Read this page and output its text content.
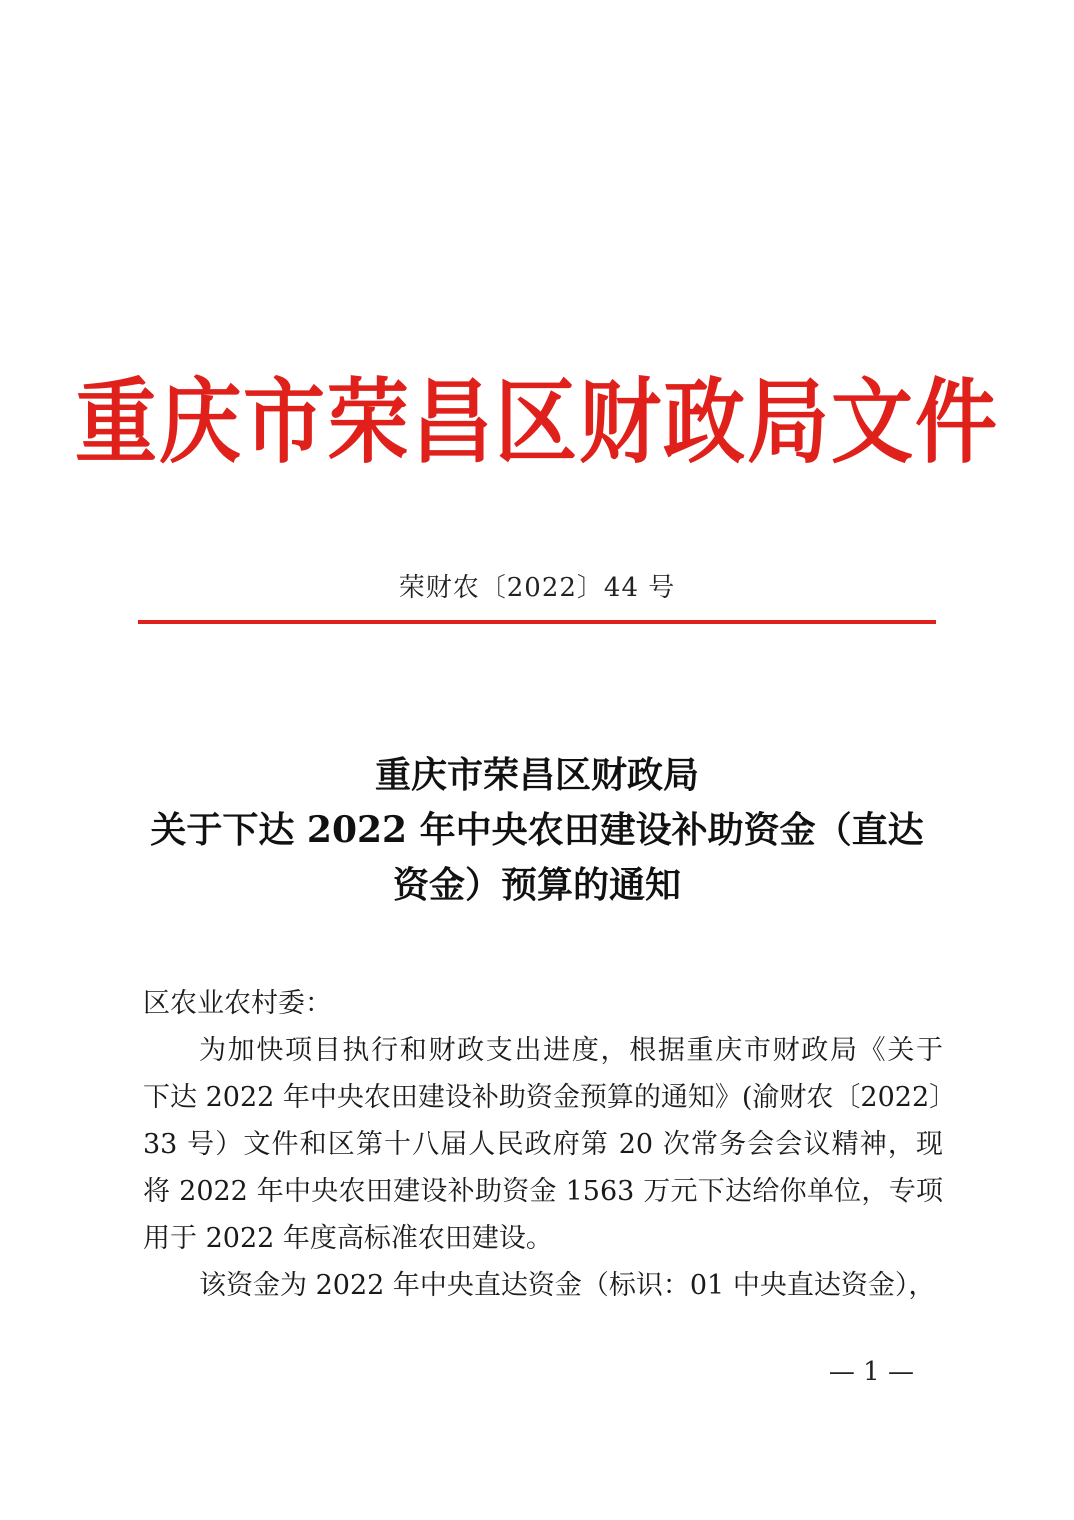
重庆市荣昌区财政局文件
荣财农〔2022〕44 号
重庆市荣昌区财政局
关于下达 2022 年中央农田建设补助资金（直达
资金）预算的通知

区农业农村委：

为加快项目执行和财政支出进度，根据重庆市财政局《关于

下达 2022 年中央农田建设补助资金预算的通知》(渝财农〔2022〕

33 号）文件和区第十八届人民政府第 20 次常务会会议精神，现

将 2022 年中央农田建设补助资金 1563 万元下达给你单位，专项

用于 2022 年度高标准农田建设。

该资金为 2022 年中央直达资金（标识：01 中央直达资金），

— 1 —
